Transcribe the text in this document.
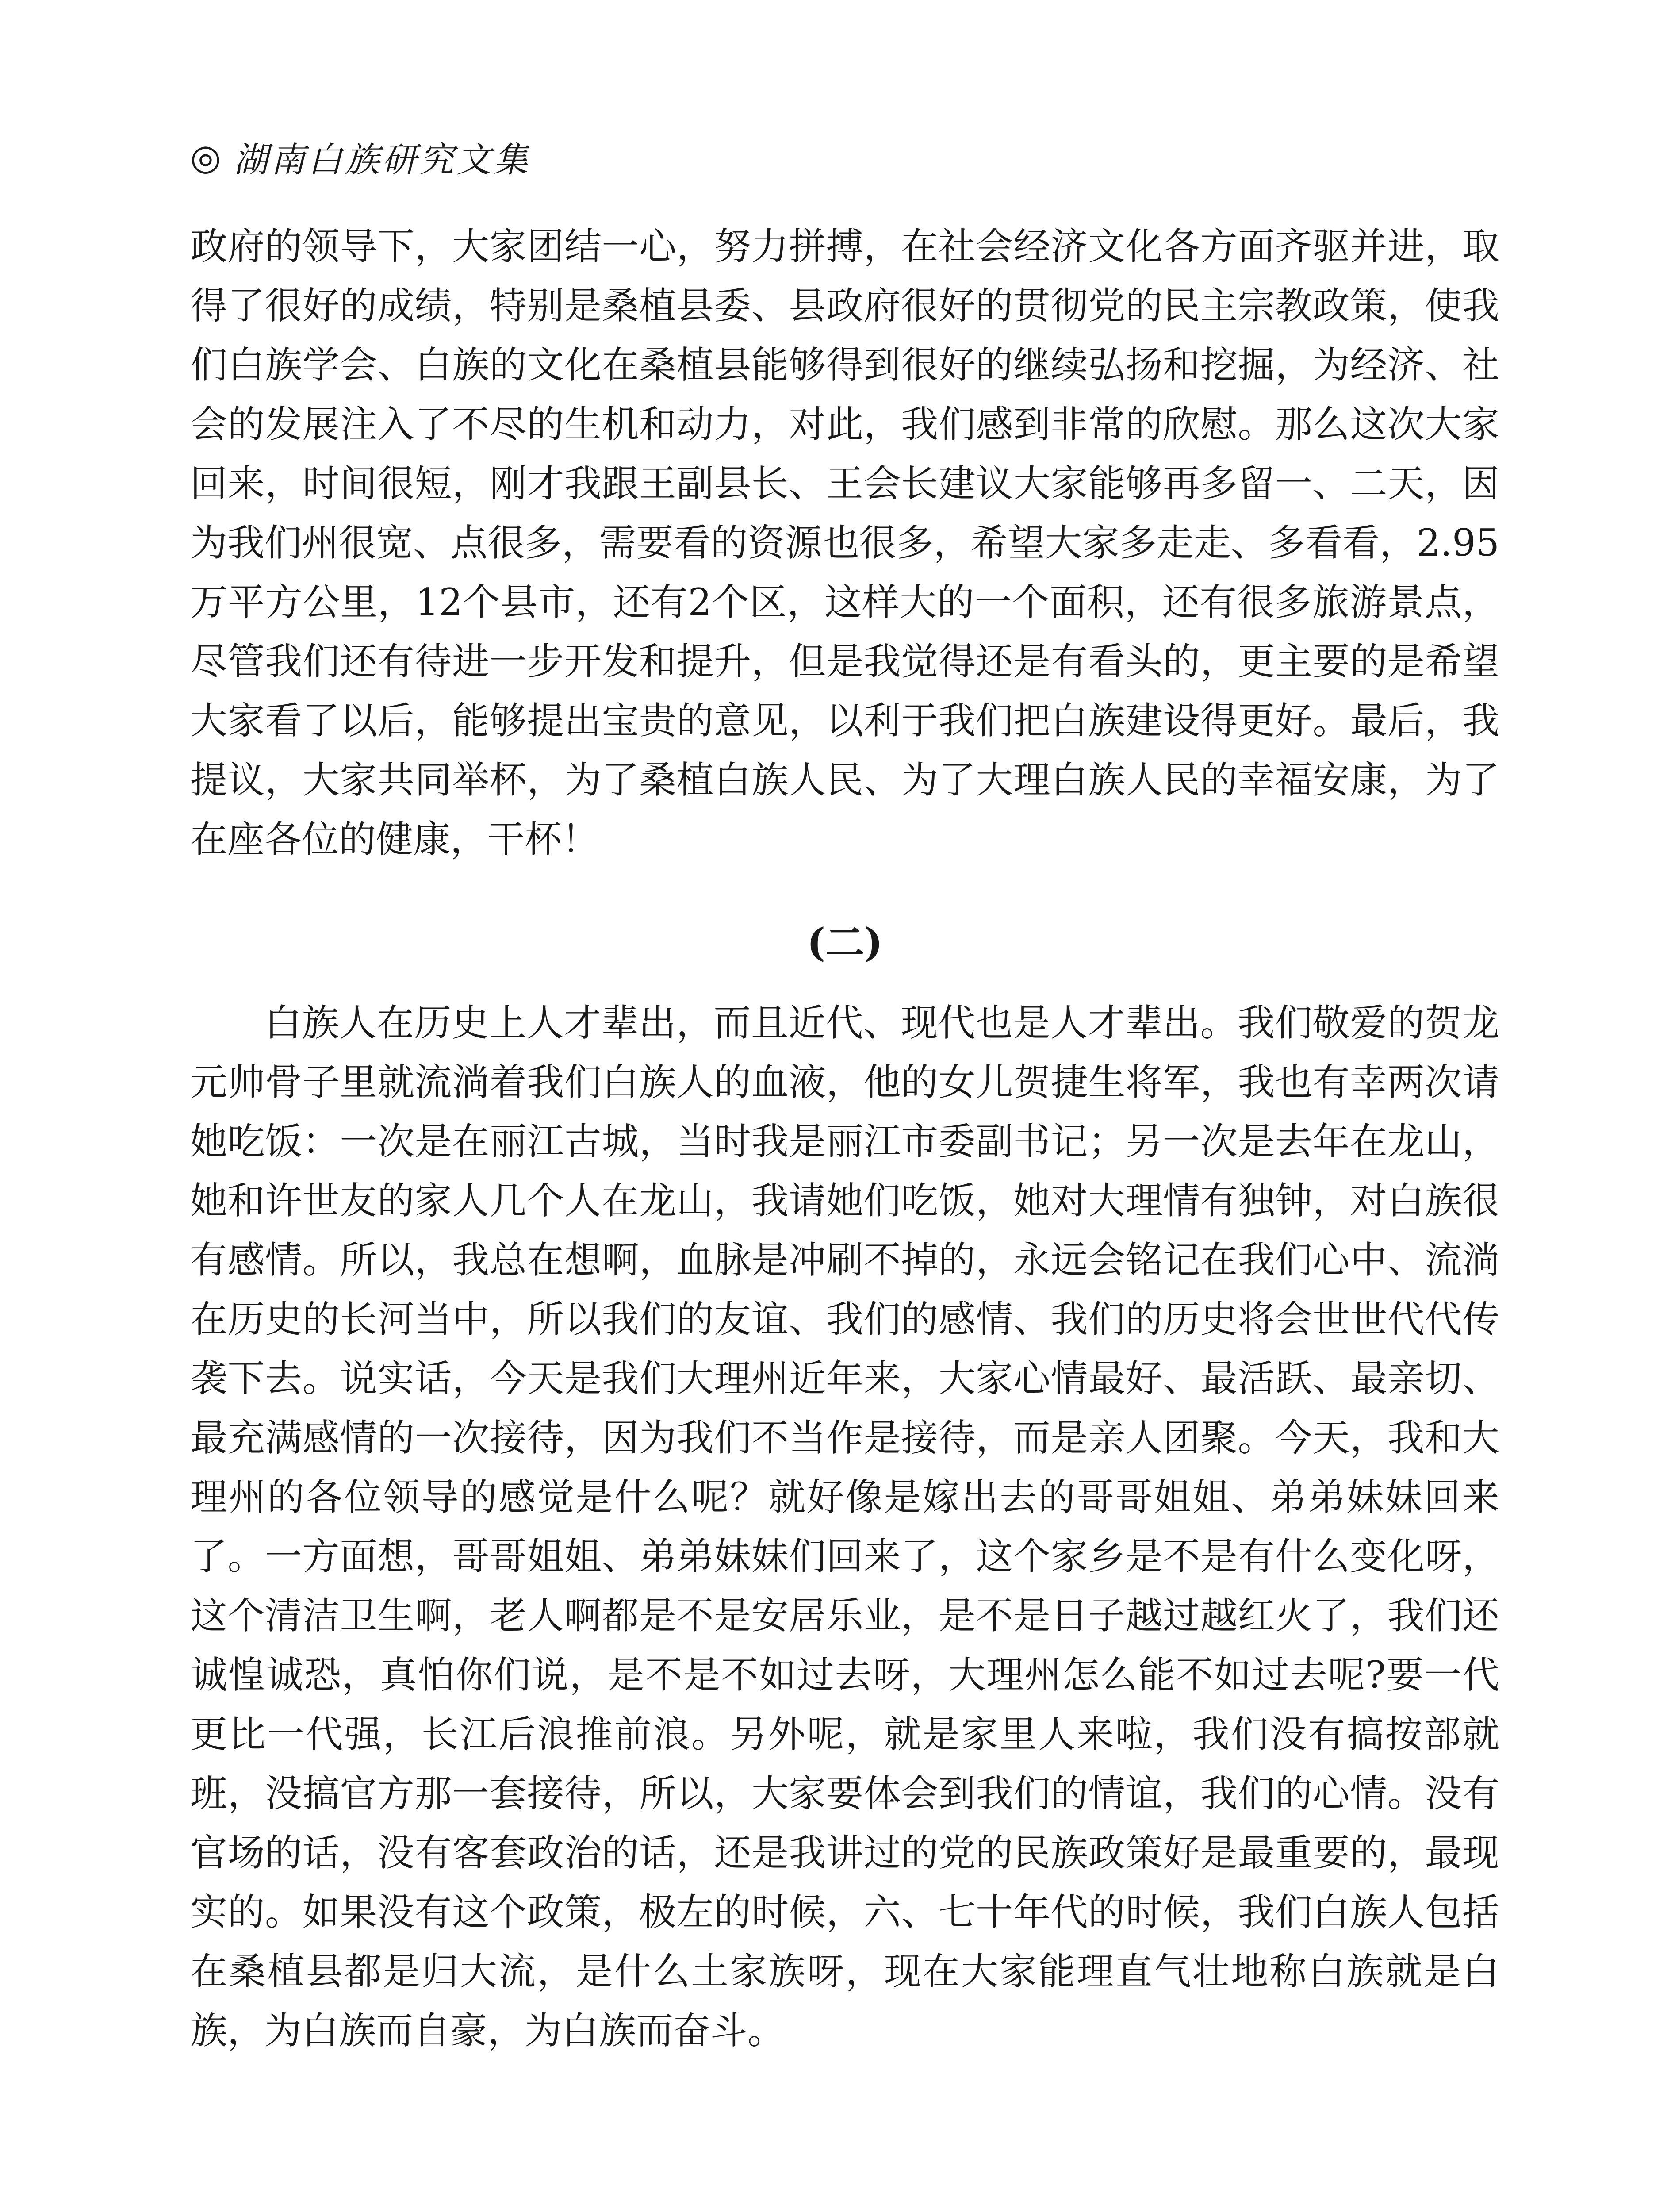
◎ 湖南白族研究文集

政府的领导下，大家团结一心，努力拼搏，在社会经济文化各方面齐驱并进，取得了很好的成绩，特别是桑植县委、县政府很好的贯彻党的民主宗教政策，使我们白族学会、白族的文化在桑植县能够得到很好的继续弘扬和挖掘，为经济、社会的发展注入了不尽的生机和动力，对此，我们感到非常的欣慰。那么这次大家回来，时间很短，刚才我跟王副县长、王会长建议大家能够再多留一、二天，因为我们州很宽、点很多，需要看的资源也很多，希望大家多走走、多看看，2.95万平方公里，12个县市，还有2个区，这样大的一个面积，还有很多旅游景点，尽管我们还有待进一步开发和提升，但是我觉得还是有看头的，更主要的是希望大家看了以后，能够提出宝贵的意见，以利于我们把白族建设得更好。最后，我提议，大家共同举杯，为了桑植白族人民、为了大理白族人民的幸福安康，为了在座各位的健康，干杯！

(二)

白族人在历史上人才辈出，而且近代、现代也是人才辈出。我们敬爱的贺龙元帅骨子里就流淌着我们白族人的血液，他的女儿贺捷生将军，我也有幸两次请她吃饭：一次是在丽江古城，当时我是丽江市委副书记；另一次是去年在龙山，她和许世友的家人几个人在龙山，我请她们吃饭，她对大理情有独钟，对白族很有感情。所以，我总在想啊，血脉是冲刷不掉的，永远会铭记在我们心中、流淌在历史的长河当中，所以我们的友谊、我们的感情、我们的历史将会世世代代传袭下去。说实话，今天是我们大理州近年来，大家心情最好、最活跃、最亲切、最充满感情的一次接待，因为我们不当作是接待，而是亲人团聚。今天，我和大理州的各位领导的感觉是什么呢？就好像是嫁出去的哥哥姐姐、弟弟妹妹回来了。一方面想，哥哥姐姐、弟弟妹妹们回来了，这个家乡是不是有什么变化呀，这个清洁卫生啊，老人啊都是不是安居乐业，是不是日子越过越红火了，我们还诚惶诚恐，真怕你们说，是不是不如过去呀，大理州怎么能不如过去呢?要一代更比一代强，长江后浪推前浪。另外呢，就是家里人来啦，我们没有搞按部就班，没搞官方那一套接待，所以，大家要体会到我们的情谊，我们的心情。没有官场的话，没有客套政治的话，还是我讲过的党的民族政策好是最重要的，最现实的。如果没有这个政策，极左的时候，六、七十年代的时候，我们白族人包括在桑植县都是归大流，是什么土家族呀，现在大家能理直气壮地称白族就是白族，为白族而自豪，为白族而奋斗。
